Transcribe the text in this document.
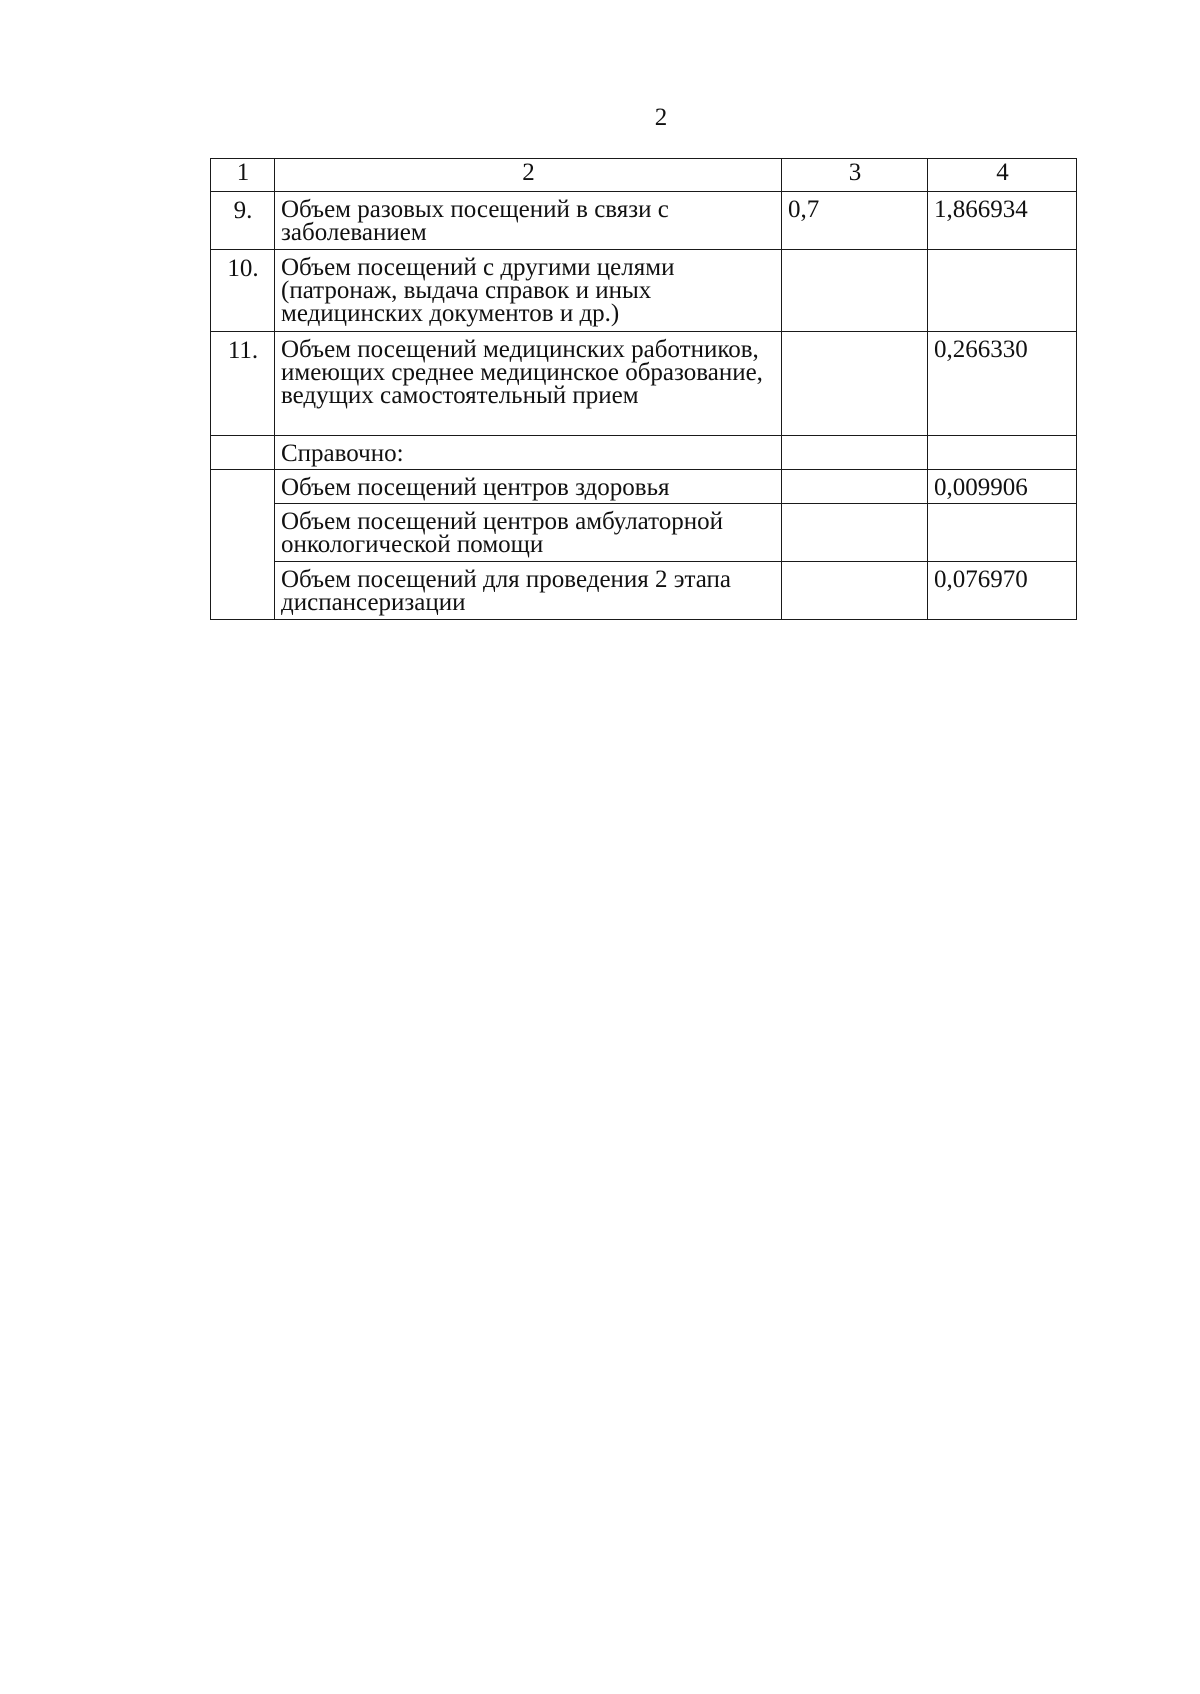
2
1	2	3	4
9.	Объем разовых посещений в связи с заболеванием	0,7	1,866934
10.	Объем посещений с другими целями (патронаж, выдача справок и иных медицинских документов и др.)		
11.	Объем посещений медицинских работников, имеющих среднее медицинское образование, ведущих самостоятельный прием		0,266330
	Справочно:		
	Объем посещений центров здоровья		0,009906
	Объем посещений центров амбулаторной онкологической помощи		
	Объем посещений для проведения 2 этапа диспансеризации		0,076970
